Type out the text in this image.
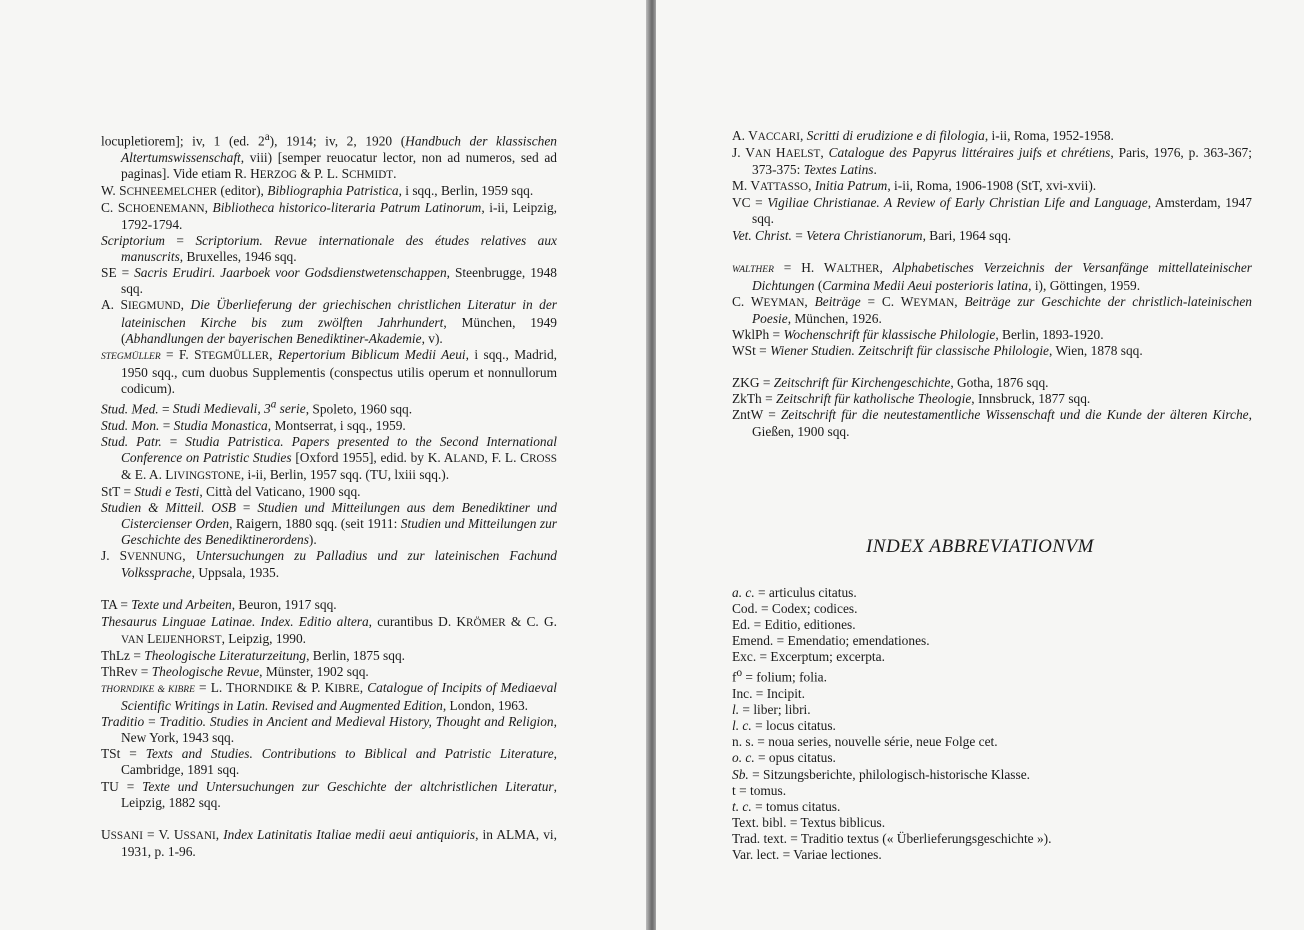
locupletiorem]; iv, 1 (ed. 2$^a$), 1914; iv, 2, 1920 (Handbuch der klassischen Altertumswissenschaft, viii) [semper reuocatur lector, non ad numeros, sed ad paginas]. Vide etiam R. HERZOG & P. L. SCHMIDT.
W. SCHNEEMELCHER (editor), Bibliographia Patristica, i sqq., Berlin, 1959 sqq.
C. SCHOENEMANN, Bibliotheca historico-literaria Patrum Latinorum, i-ii, Leipzig, 1792-1794.
Scriptorium = Scriptorium. Revue internationale des études relatives aux manuscrits, Bruxelles, 1946 sqq.
SE = Sacris Erudiri. Jaarboek voor Godsdienstwetenschappen, Steenbrugge, 1948 sqq.
A. SIEGMUND, Die Überlieferung der griechischen christlichen Literatur in der lateinischen Kirche bis zum zwölften Jahrhundert, München, 1949 (Abhandlungen der bayerischen Benediktiner-Akademie, v).
STEGMÜLLER = F. STEGMÜLLER, Repertorium Biblicum Medii Aeui, i sqq., Madrid, 1950 sqq., cum duobus Supplementis (conspectus utilis operum et nonnullorum codicum).
Stud. Med. = Studi Medievali, 3$^a$ serie, Spoleto, 1960 sqq.
Stud. Mon. = Studia Monastica, Montserrat, i sqq., 1959.
Stud. Patr. = Studia Patristica. Papers presented to the Second International Conference on Patristic Studies [Oxford 1955], edid. by K. ALAND, F. L. CROSS & E. A. LIVINGSTONE, i-ii, Berlin, 1957 sqq. (TU, lxiii sqq.).
StT = Studi e Testi, Città del Vaticano, 1900 sqq.
Studien & Mitteil. OSB = Studien und Mitteilungen aus dem Benediktiner und Cistercienser Orden, Raigern, 1880 sqq. (seit 1911: Studien und Mitteilungen zur Geschichte des Benediktinerordens).
J. SVENNUNG, Untersuchungen zu Palladius und zur lateinischen Fachund Volkssprache, Uppsala, 1935.
TA = Texte und Arbeiten, Beuron, 1917 sqq.
Thesaurus Linguae Latinae. Index. Editio altera, curantibus D. KRÖMER & C. G. VAN LEIJENHORST, Leipzig, 1990.
ThLz = Theologische Literaturzeitung, Berlin, 1875 sqq.
ThRev = Theologische Revue, Münster, 1902 sqq.
THORNDIKE & KIBRE = L. THORNDIKE & P. KIBRE, Catalogue of Incipits of Mediaeval Scientific Writings in Latin. Revised and Augmented Edition, London, 1963.
Traditio = Traditio. Studies in Ancient and Medieval History, Thought and Religion, New York, 1943 sqq.
TSt = Texts and Studies. Contributions to Biblical and Patristic Literature, Cambridge, 1891 sqq.
TU = Texte und Untersuchungen zur Geschichte der altchristlichen Literatur, Leipzig, 1882 sqq.
USSANI = V. USSANI, Index Latinitatis Italiae medii aeui antiquioris, in ALMA, vi, 1931, p. 1-96.
A. VACCARI, Scritti di erudizione e di filologia, i-ii, Roma, 1952-1958.
J. VAN HAELST, Catalogue des Papyrus littéraires juifs et chrétiens, Paris, 1976, p. 363-367; 373-375: Textes Latins.
M. VATTASSO, Initia Patrum, i-ii, Roma, 1906-1908 (StT, xvi-xvii).
VC = Vigiliae Christianae. A Review of Early Christian Life and Language, Amsterdam, 1947 sqq.
Vet. Christ. = Vetera Christianorum, Bari, 1964 sqq.
WALTHER = H. WALTHER, Alphabetisches Verzeichnis der Versanfänge mittellateinischer Dichtungen (Carmina Medii Aeui posterioris latina, i), Göttingen, 1959.
C. WEYMAN, Beiträge = C. WEYMAN, Beiträge zur Geschichte der christlich-lateinischen Poesie, München, 1926.
WklPh = Wochenschrift für klassische Philologie, Berlin, 1893-1920.
WSt = Wiener Studien. Zeitschrift für classische Philologie, Wien, 1878 sqq.
ZKG = Zeitschrift für Kirchengeschichte, Gotha, 1876 sqq.
ZkTh = Zeitschrift für katholische Theologie, Innsbruck, 1877 sqq.
ZntW = Zeitschrift für die neutestamentliche Wissenschaft und die Kunde der älteren Kirche, Gießen, 1900 sqq.
INDEX ABBREVIATIONVM
a. c. = articulus citatus.
Cod. = Codex; codices.
Ed. = Editio, editiones.
Emend. = Emendatio; emendationes.
Exc. = Excerptum; excerpta.
$f^o$ = folium; folia.
Inc. = Incipit.
l. = liber; libri.
l. c. = locus citatus.
n. s. = noua series, nouvelle série, neue Folge cet.
o. c. = opus citatus.
Sb. = Sitzungsberichte, philologisch-historische Klasse.
t = tomus.
t. c. = tomus citatus.
Text. bibl. = Textus biblicus.
Trad. text. = Traditio textus (« Überlieferungsgeschichte »).
Var. lect. = Variae lectiones.
